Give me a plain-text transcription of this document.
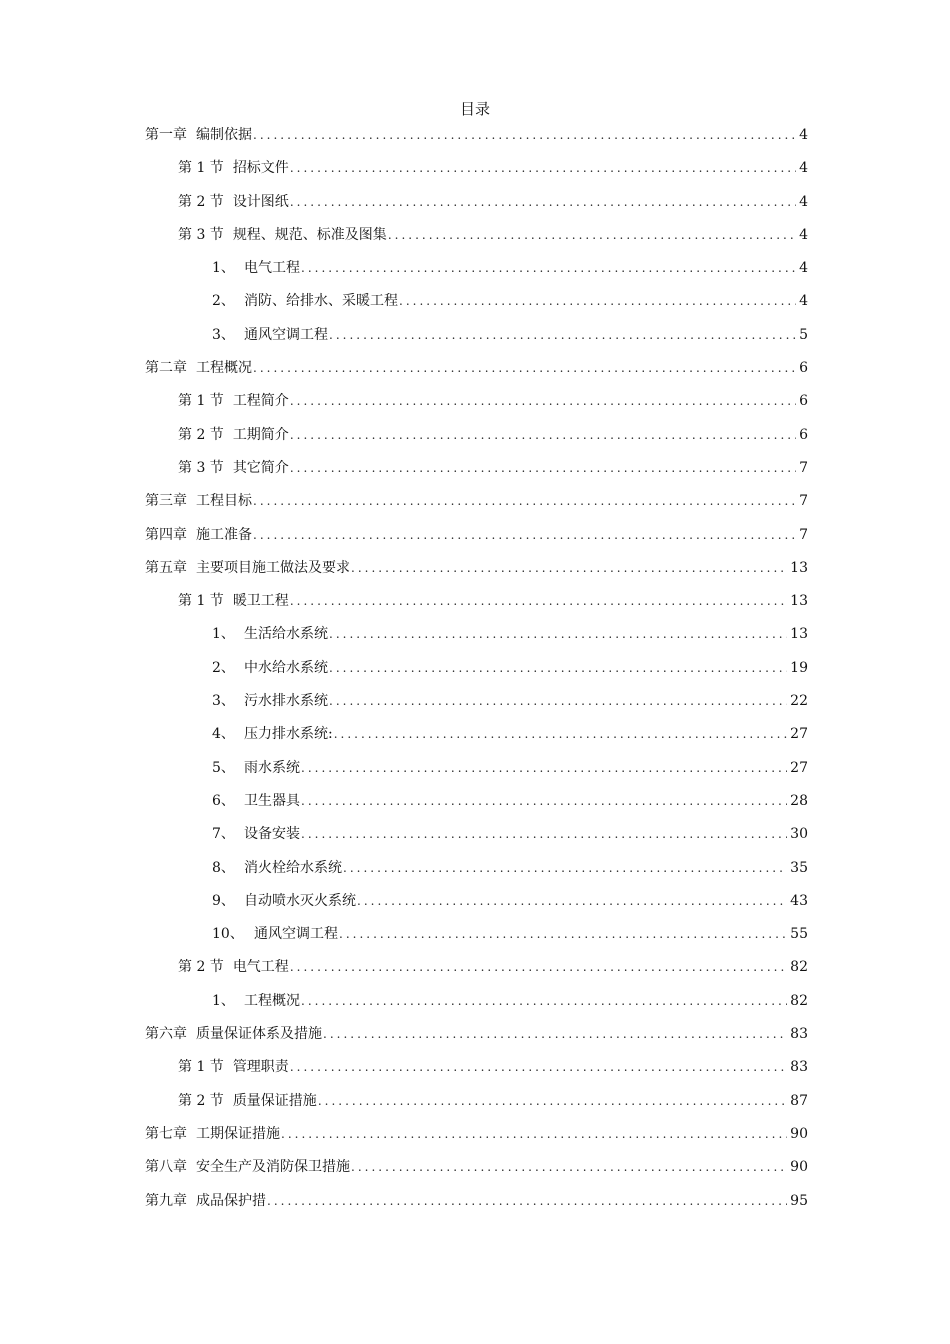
目录
第一章 编制依据 .....	4
第 1 节 招标文件 .....	4
第 2 节 设计图纸 .....	4
第 3 节 规程、规范、标准及图集 .....	4
1、 电气工程 .....	4
2、 消防、给排水、采暖工程 .....	4
3、 通风空调工程 .....	5
第二章 工程概况 .....	6
第 1 节 工程简介 .....	6
第 2 节 工期简介 .....	6
第 3 节 其它简介 .....	7
第三章 工程目标 .....	7
第四章 施工准备 .....	7
第五章 主要项目施工做法及要求 .....	13
第 1 节 暖卫工程 .....	13
1、 生活给水系统 .....	13
2、 中水给水系统 .....	19
3、 污水排水系统 .....	22
4、 压力排水系统: .....	27
5、 雨水系统 .....	27
6、 卫生器具 .....	28
7、 设备安装 .....	30
8、 消火栓给水系统 .....	35
9、 自动喷水灭火系统 .....	43
10、 通风空调工程 .....	55
第 2 节 电气工程 .....	82
1、 工程概况 .....	82
第六章 质量保证体系及措施 .....	83
第 1 节 管理职责 .....	83
第 2 节 质量保证措施 .....	87
第七章 工期保证措施 .....	90
第八章 安全生产及消防保卫措施 .....	90
第九章 成品保护措 .....	95
